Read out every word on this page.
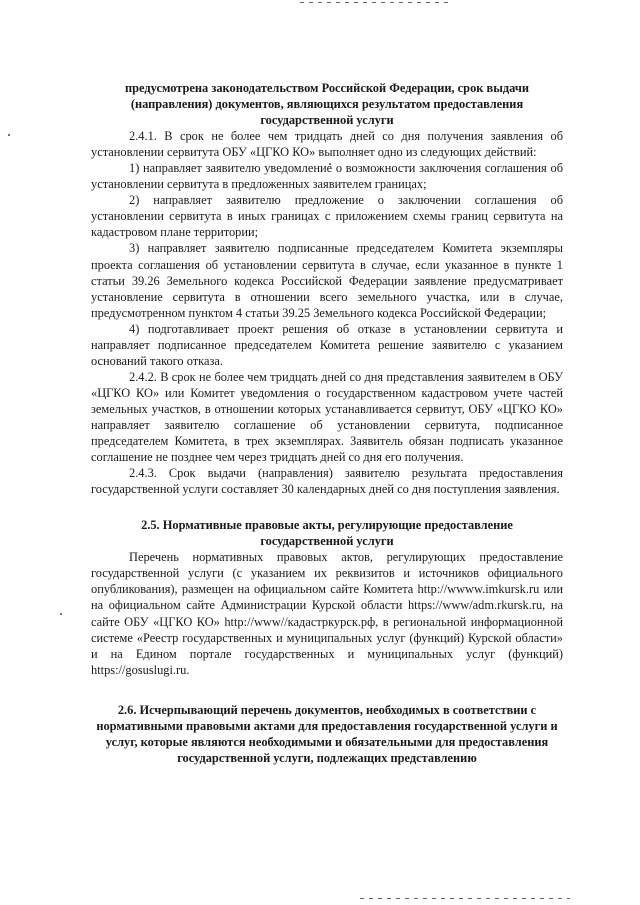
предусмотрена законодательством Российской Федерации, срок выдачи (направления) документов, являющихся результатом предоставления государственной услуги
2.4.1. В срок не более чем тридцать дней со дня получения заявления об установлении сервитута ОБУ «ЦГКО КО» выполняет одно из следующих действий:
1) направляет заявителю уведомление о возможности заключения соглашения об установлении сервитута в предложенных заявителем границах;
2) направляет заявителю предложение о заключении соглашения об установлении сервитута в иных границах с приложением схемы границ сервитута на кадастровом плане территории;
3) направляет заявителю подписанные председателем Комитета экземпляры проекта соглашения об установлении сервитута в случае, если указанное в пункте 1 статьи 39.26 Земельного кодекса Российской Федерации заявление предусматривает установление сервитута в отношении всего земельного участка, или в случае, предусмотренном пунктом 4 статьи 39.25 Земельного кодекса Российской Федерации;
4) подготавливает проект решения об отказе в установлении сервитута и направляет подписанное председателем Комитета решение заявителю с указанием оснований такого отказа.
2.4.2. В срок не более чем тридцать дней со дня представления заявителем в ОБУ «ЦГКО КО» или Комитет уведомления о государственном кадастровом учете частей земельных участков, в отношении которых устанавливается сервитут, ОБУ «ЦГКО КО» направляет заявителю соглашение об установлении сервитута, подписанное председателем Комитета, в трех экземплярах. Заявитель обязан подписать указанное соглашение не позднее чем через тридцать дней со дня его получения.
2.4.3. Срок выдачи (направления) заявителю результата предоставления государственной услуги составляет 30 календарных дней со дня поступления заявления.
2.5. Нормативные правовые акты, регулирующие предоставление государственной услуги
Перечень нормативных правовых актов, регулирующих предоставление государственной услуги (с указанием их реквизитов и источников официального опубликования), размещен на официальном сайте Комитета http://wwww.imkursk.ru или на официальном сайте Администрации Курской области https://www/adm.rkursk.ru, на сайте ОБУ «ЦГКО КО» http://www//кадастркурск.рф, в региональной информационной системе «Реестр государственных и муниципальных услуг (функций) Курской области» и на Едином портале государственных и муниципальных услуг (функций) https://gosuslugi.ru.
2.6. Исчерпывающий перечень документов, необходимых в соответствии с нормативными правовыми актами для предоставления государственной услуги и услуг, которые являются необходимыми и обязательными для предоставления государственной услуги, подлежащих представлению
